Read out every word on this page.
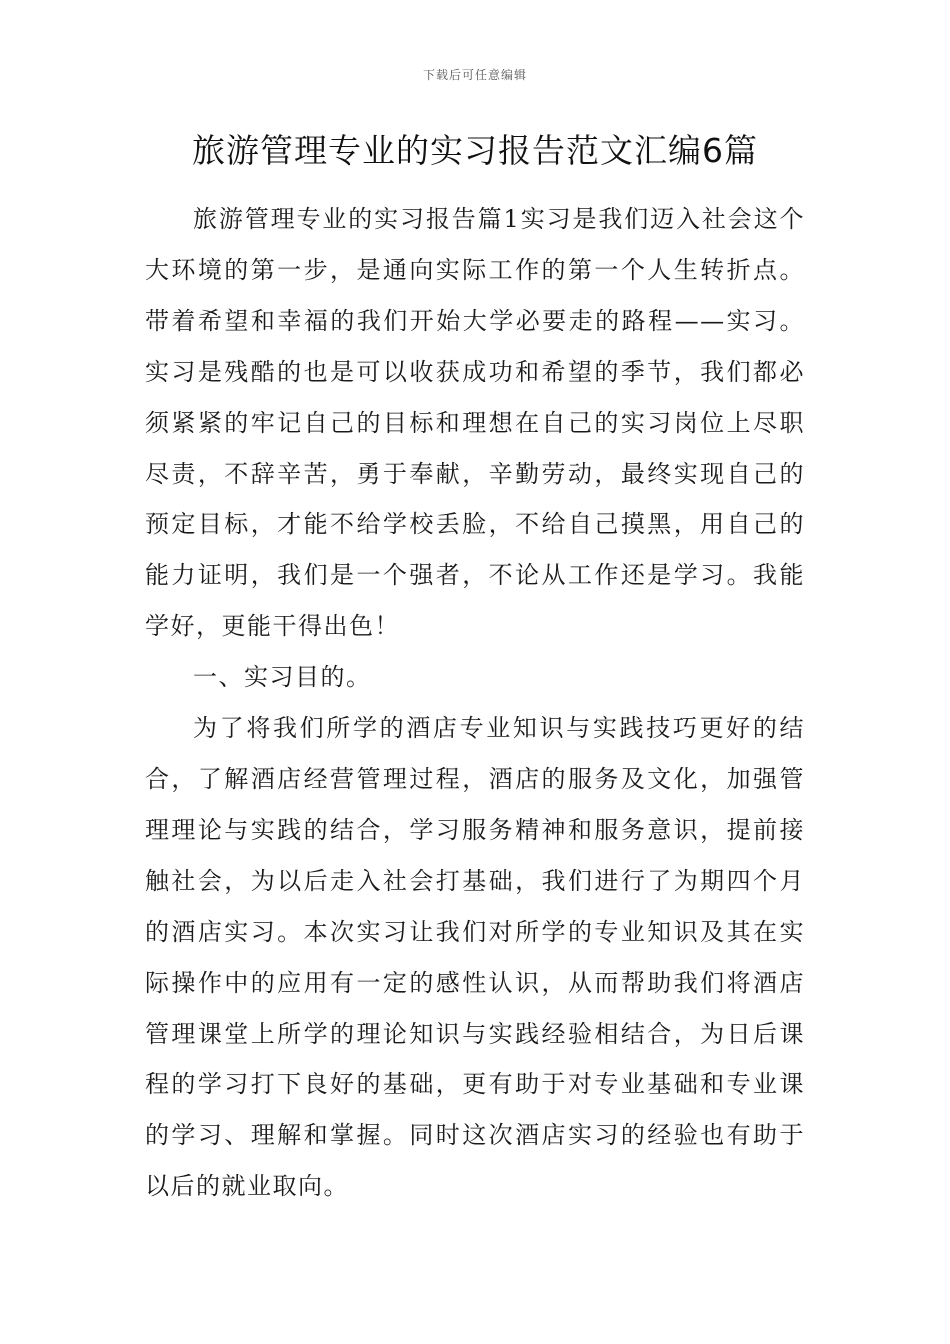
下载后可任意编辑
旅游管理专业的实习报告范文汇编6篇

旅游管理专业的实习报告篇1实习是我们迈入社会这个大环境的第一步，是通向实际工作的第一个人生转折点。带着希望和幸福的我们开始大学必要走的路程——实习。实习是残酷的也是可以收获成功和希望的季节，我们都必须紧紧的牢记自己的目标和理想在自己的实习岗位上尽职尽责，不辞辛苦，勇于奉献，辛勤劳动，最终实现自己的预定目标，才能不给学校丢脸，不给自己摸黑，用自己的能力证明，我们是一个强者，不论从工作还是学习。我能学好，更能干得出色！

一、实习目的。

为了将我们所学的酒店专业知识与实践技巧更好的结合，了解酒店经营管理过程，酒店的服务及文化，加强管理理论与实践的结合，学习服务精神和服务意识，提前接触社会，为以后走入社会打基础，我们进行了为期四个月的酒店实习。本次实习让我们对所学的专业知识及其在实际操作中的应用有一定的感性认识，从而帮助我们将酒店管理课堂上所学的理论知识与实践经验相结合，为日后课程的学习打下良好的基础，更有助于对专业基础和专业课的学习、理解和掌握。同时这次酒店实习的经验也有助于以后的就业取向。
